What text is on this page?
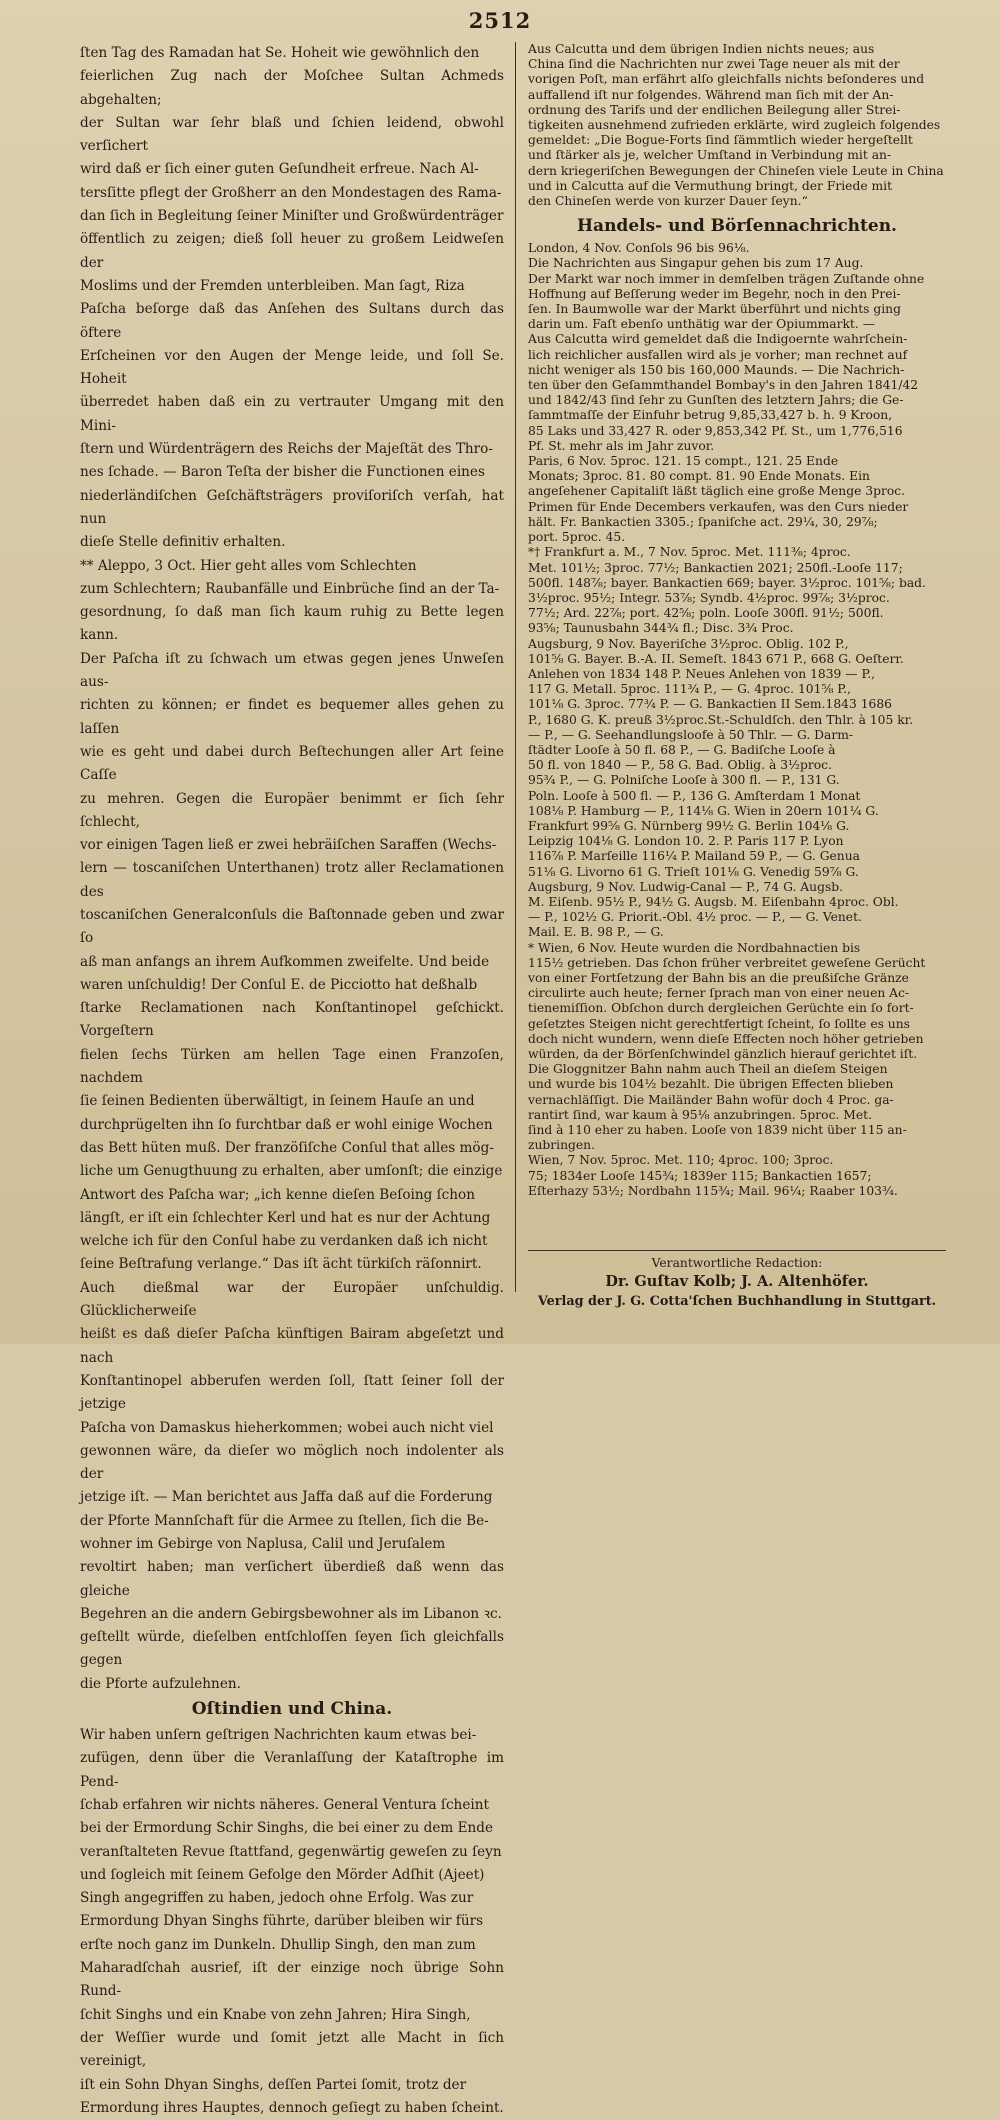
2512

ſten Tag des Ramadan hat Se. Hoheit wie gewöhnlich den
feierlichen Zug nach der Moſchee Sultan Achmeds abgehalten;
der Sultan war ſehr blaß und ſchien leidend, obwohl verſichert
wird daß er ſich einer guten Geſundheit erfreue. Nach Al-
tersſitte pflegt der Großherr an den Mondestagen des Rama-
dan ſich in Begleitung ſeiner Miniſter und Großwürdenträger
öffentlich zu zeigen; dieß ſoll heuer zu großem Leidweſen der
Moslims und der Fremden unterbleiben. Man ſagt, Riza
Paſcha beſorge daß das Anſehen des Sultans durch das öftere
Erſcheinen vor den Augen der Menge leide, und ſoll Se. Hoheit
überredet haben daß ein zu vertrauter Umgang mit den Mini-
ſtern und Würdenträgern des Reichs der Majeſtät des Thro-
nes ſchade. — Baron Teſta der bisher die Functionen eines
niederländiſchen Geſchäftsträgers proviſoriſch verſah, hat nun
dieſe Stelle definitiv erhalten.

** Aleppo, 3 Oct. Hier geht alles vom Schlechten
zum Schlechtern; Raubanfälle und Einbrüche ſind an der Ta-
gesordnung, ſo daß man ſich kaum ruhig zu Bette legen kann.
Der Paſcha iſt zu ſchwach um etwas gegen jenes Unweſen aus-
richten zu können; er findet es bequemer alles gehen zu laſſen
wie es geht und dabei durch Beſtechungen aller Art ſeine Caſſe
zu mehren. Gegen die Europäer benimmt er ſich ſehr ſchlecht,
vor einigen Tagen ließ er zwei hebräiſchen Saraffen (Wechs-
lern — toscaniſchen Unterthanen) trotz aller Reclamationen des
toscaniſchen Generalconſuls die Baſtonnade geben und zwar ſo
aß man anfangs an ihrem Aufkommen zweifelte. Und beide
waren unſchuldig! Der Conſul E. de Picciotto hat deßhalb
ſtarke Reclamationen nach Konſtantinopel geſchickt. Vorgeſtern
fielen ſechs Türken am hellen Tage einen Franzoſen, nachdem
ſie ſeinen Bedienten überwältigt, in ſeinem Hauſe an und
durchprügelten ihn ſo furchtbar daß er wohl einige Wochen
das Bett hüten muß. Der franzöſiſche Conſul that alles mög-
liche um Genugthuung zu erhalten, aber umſonſt; die einzige
Antwort des Paſcha war; „ich kenne dieſen Beſoing ſchon
längſt, er iſt ein ſchlechter Kerl und hat es nur der Achtung
welche ich für den Conſul habe zu verdanken daß ich nicht
ſeine Beſtrafung verlange.“ Das iſt ächt türkiſch räſonnirt.
Auch dießmal war der Europäer unſchuldig. Glücklicherweiſe
heißt es daß dieſer Paſcha künftigen Bairam abgeſetzt und nach
Konſtantinopel abberufen werden ſoll, ſtatt ſeiner ſoll der jetzige
Paſcha von Damaskus hieherkommen; wobei auch nicht viel
gewonnen wäre, da dieſer wo möglich noch indolenter als der
jetzige iſt. — Man berichtet aus Jaffa daß auf die Forderung
der Pforte Mannſchaft für die Armee zu ſtellen, ſich die Be-
wohner im Gebirge von Naplusa, Calil und Jeruſalem
revoltirt haben; man verſichert überdieß daß wenn das gleiche
Begehren an die andern Gebirgsbewohner als im Libanon ꝛc.
geſtellt würde, dieſelben entſchloſſen ſeyen ſich gleichfalls gegen
die Pforte aufzulehnen.

Oſtindien und China.

Wir haben unſern geſtrigen Nachrichten kaum etwas bei-
zufügen, denn über die Veranlaſſung der Kataſtrophe im Pend-
ſchab erfahren wir nichts näheres. General Ventura ſcheint
bei der Ermordung Schir Singhs, die bei einer zu dem Ende
veranſtalteten Revue ſtattfand, gegenwärtig geweſen zu ſeyn
und ſogleich mit ſeinem Gefolge den Mörder Adſhit (Ajeet)
Singh angegriffen zu haben, jedoch ohne Erfolg. Was zur
Ermordung Dhyan Singhs führte, darüber bleiben wir fürs
erſte noch ganz im Dunkeln. Dhullip Singh, den man zum
Maharadſchah ausrief, iſt der einzige noch übrige Sohn Rund-
ſchit Singhs und ein Knabe von zehn Jahren; Hira Singh,
der Weſſier wurde und ſomit jetzt alle Macht in ſich vereinigt,
iſt ein Sohn Dhyan Singhs, deſſen Partei ſomit, trotz der
Ermordung ihres Hauptes, dennoch geſiegt zu haben ſcheint.

Aus Calcutta und dem übrigen Indien nichts neues; aus
China ſind die Nachrichten nur zwei Tage neuer als mit der
vorigen Poſt, man erfährt alſo gleichfalls nichts beſonderes und
auffallend iſt nur folgendes. Während man ſich mit der An-
ordnung des Tarifs und der endlichen Beilegung aller Strei-
tigkeiten ausnehmend zufrieden erklärte, wird zugleich folgendes
gemeldet: „Die Bogue-Forts ſind ſämmtlich wieder hergeſtellt
und ſtärker als je, welcher Umſtand in Verbindung mit an-
dern kriegeriſchen Bewegungen der Chineſen viele Leute in China
und in Calcutta auf die Vermuthung bringt, der Friede mit
den Chineſen werde von kurzer Dauer ſeyn.“

Handels- und Börſennachrichten.

London, 4 Nov. Conſols 96 bis 96⅛.

Die Nachrichten aus Singapur gehen bis zum 17 Aug.
Der Markt war noch immer in demſelben trägen Zuſtande ohne
Hoffnung auf Beſſerung weder im Begehr, noch in den Prei-
ſen. In Baumwolle war der Markt überführt und nichts ging
darin um. Faſt ebenſo unthätig war der Opiummarkt. —
Aus Calcutta wird gemeldet daß die Indigoernte wahrſchein-
lich reichlicher ausfallen wird als je vorher; man rechnet auf
nicht weniger als 150 bis 160,000 Maunds. — Die Nachrich-
ten über den Geſammthandel Bombay's in den Jahren 1841/42
und 1842/43 ſind ſehr zu Gunſten des letztern Jahrs; die Ge-
ſammtmaſſe der Einfuhr betrug 9,85,33,427 b. h. 9 Kroon,
85 Laks und 33,427 R. oder 9,853,342 Pf. St., um 1,776,516
Pf. St. mehr als im Jahr zuvor.

Paris, 6 Nov. 5proc. 121. 15 compt., 121. 25 Ende
Monats; 3proc. 81. 80 compt. 81. 90 Ende Monats. Ein
angeſehener Capitaliſt läßt täglich eine große Menge 3proc.
Primen für Ende Decembers verkaufen, was den Curs nieder
hält. Fr. Bankactien 3305.; ſpaniſche act. 29¼, 30, 29⅞;
port. 5proc. 45.

*† Frankfurt a. M., 7 Nov. 5proc. Met. 111⅜; 4proc.
Met. 101½; 3proc. 77½; Bankactien 2021; 250fl.-Looſe 117;
500fl. 148⅞; bayer. Bankactien 669; bayer. 3½proc. 101⅝; bad.
3½proc. 95½; Integr. 53⅞; Syndb. 4½proc. 99⅞; 3½proc.
77½; Ard. 22⅞; port. 42⅝; poln. Looſe 300fl. 91½; 500fl.
93⅝; Taunusbahn 344¾ fl.; Disc. 3¾ Proc.

Augsburg, 9 Nov. Bayeriſche 3½proc. Oblig. 102 P.,
101⅝ G. Bayer. B.-A. II. Semeſt. 1843 671 P., 668 G. Oeſterr.
Anlehen von 1834 148 P. Neues Anlehen von 1839 — P.,
117 G. Metall. 5proc. 111¾ P., — G. 4proc. 101⅝ P.,
101⅛ G. 3proc. 77¾ P. — G. Bankactien II Sem.1843 1686
P., 1680 G. K. preuß 3½proc.St.-Schuldſch. den Thlr. à 105 kr.
— P., — G. Seehandlungsloofe à 50 Thlr. — G. Darm-
ſtädter Looſe à 50 fl. 68 P., — G. Badiſche Looſe à
50 fl. von 1840 — P., 58 G. Bad. Oblig. à 3½proc.
95¾ P., — G. Polniſche Looſe à 300 fl. — P., 131 G.
Poln. Looſe à 500 fl. — P., 136 G. Amſterdam 1 Monat
108⅛ P. Hamburg — P., 114⅛ G. Wien in 20ern 101¼ G.
Frankfurt 99⅝ G. Nürnberg 99½ G. Berlin 104⅛ G.
Leipzig 104⅛ G. London 10. 2. P. Paris 117 P. Lyon
116⅞ P. Marſeille 116¼ P. Mailand 59 P., — G. Genua
51⅛ G. Livorno 61 G. Trieſt 101⅛ G. Venedig 59⅞ G.

Augsburg, 9 Nov. Ludwig-Canal — P., 74 G. Augsb.
M. Eiſenb. 95½ P., 94½ G. Augsb. M. Eiſenbahn 4proc. Obl.
— P., 102½ G. Priorit.-Obl. 4½ proc. — P., — G. Venet.
Mail. E. B. 98 P., — G.

* Wien, 6 Nov. Heute wurden die Nordbahnactien bis
115½ getrieben. Das ſchon früher verbreitet geweſene Gerücht
von einer Fortſetzung der Bahn bis an die preußiſche Gränze
circulirte auch heute; ferner ſprach man von einer neuen Ac-
tienemiſſion. Obſchon durch dergleichen Gerüchte ein ſo fort-
geſetztes Steigen nicht gerechtfertigt ſcheint, ſo ſollte es uns
doch nicht wundern, wenn dieſe Effecten noch höher getrieben
würden, da der Börſenſchwindel gänzlich hierauf gerichtet iſt.
Die Gloggnitzer Bahn nahm auch Theil an dieſem Steigen
und wurde bis 104½ bezahlt. Die übrigen Effecten blieben
vernachläſſigt. Die Mailänder Bahn wofür doch 4 Proc. ga-
rantirt ſind, war kaum à 95⅛ anzubringen. 5proc. Met.
ſind à 110 eher zu haben. Looſe von 1839 nicht über 115 an-
zubringen.

Wien, 7 Nov. 5proc. Met. 110; 4proc. 100; 3proc.
75; 1834er Looſe 145¾; 1839er 115; Bankactien 1657;
Eſterhazy 53½; Nordbahn 115¾; Mail. 96¼; Raaber 103¾.

Verantwortliche Redaction:
Dr. Guſtav Kolb; J. A. Altenhöfer.
Verlag der J. G. Cotta'ſchen Buchhandlung in Stuttgart.
